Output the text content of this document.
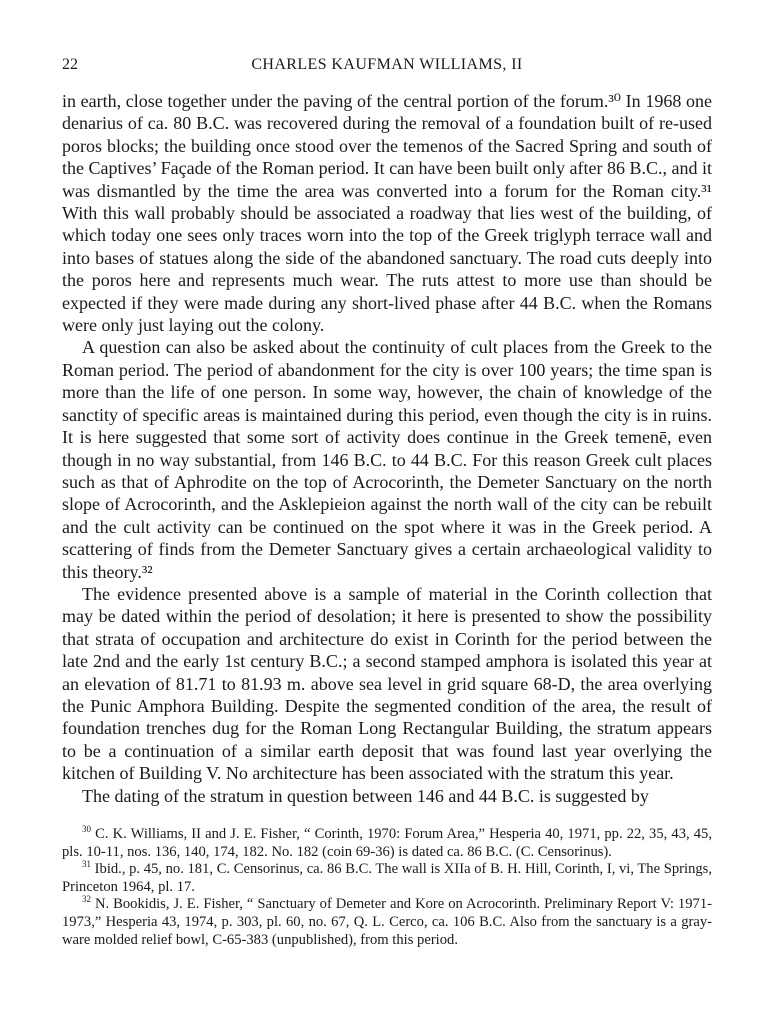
22	CHARLES KAUFMAN WILLIAMS, II

in earth, close together under the paving of the central portion of the forum.³⁰ In 1968 one denarius of ca. 80 B.C. was recovered during the removal of a foundation built of re-used poros blocks; the building once stood over the temenos of the Sacred Spring and south of the Captives’ Façade of the Roman period. It can have been built only after 86 B.C., and it was dismantled by the time the area was converted into a forum for the Roman city.³¹ With this wall probably should be associated a roadway that lies west of the building, of which today one sees only traces worn into the top of the Greek triglyph terrace wall and into bases of statues along the side of the abandoned sanctuary. The road cuts deeply into the poros here and represents much wear. The ruts attest to more use than should be expected if they were made during any short-lived phase after 44 B.C. when the Romans were only just laying out the colony.

A question can also be asked about the continuity of cult places from the Greek to the Roman period. The period of abandonment for the city is over 100 years; the time span is more than the life of one person. In some way, however, the chain of knowledge of the sanctity of specific areas is maintained during this period, even though the city is in ruins. It is here suggested that some sort of activity does continue in the Greek temenē, even though in no way substantial, from 146 B.C. to 44 B.C. For this reason Greek cult places such as that of Aphrodite on the top of Acrocorinth, the Demeter Sanctuary on the north slope of Acrocorinth, and the Asklepieion against the north wall of the city can be rebuilt and the cult activity can be continued on the spot where it was in the Greek period. A scattering of finds from the Demeter Sanctuary gives a certain archaeological validity to this theory.³²

The evidence presented above is a sample of material in the Corinth collection that may be dated within the period of desolation; it here is presented to show the possibility that strata of occupation and architecture do exist in Corinth for the period between the late 2nd and the early 1st century B.C.; a second stamped amphora is isolated this year at an elevation of 81.71 to 81.93 m. above sea level in grid square 68-D, the area overlying the Punic Amphora Building. Despite the segmented condition of the area, the result of foundation trenches dug for the Roman Long Rectangular Building, the stratum appears to be a continuation of a similar earth deposit that was found last year overlying the kitchen of Building V. No architecture has been associated with the stratum this year.

The dating of the stratum in question between 146 and 44 B.C. is suggested by

$^{30}$ C. K. Williams, II and J. E. Fisher, “ Corinth, 1970: Forum Area,” Hesperia 40, 1971, pp. 22, 35, 43, 45, pls. 10-11, nos. 136, 140, 174, 182. No. 182 (coin 69-36) is dated ca. 86 B.C. (C. Censorinus).

$^{31}$ Ibid., p. 45, no. 181, C. Censorinus, ca. 86 B.C. The wall is XIIa of B. H. Hill, Corinth, I, vi, The Springs, Princeton 1964, pl. 17.

$^{32}$ N. Bookidis, J. E. Fisher, “ Sanctuary of Demeter and Kore on Acrocorinth. Preliminary Report V: 1971-1973,” Hesperia 43, 1974, p. 303, pl. 60, no. 67, Q. L. Cerco, ca. 106 B.C. Also from the sanctuary is a gray-ware molded relief bowl, C-65-383 (unpublished), from this period.
